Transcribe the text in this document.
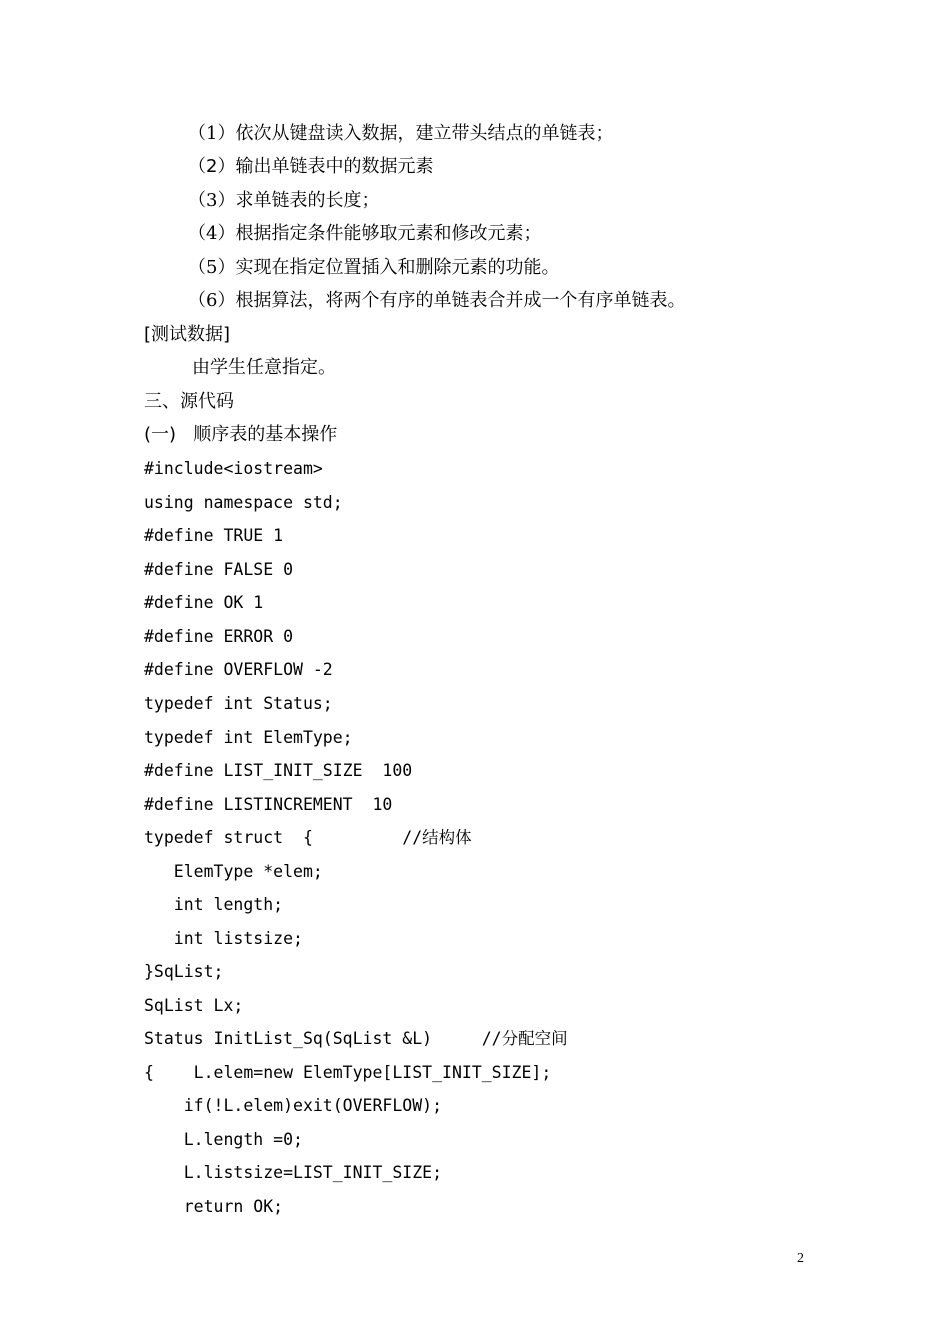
（1）依次从键盘读入数据，建立带头结点的单链表；
（2）输出单链表中的数据元素
（3）求单链表的长度；
（4）根据指定条件能够取元素和修改元素；
（5）实现在指定位置插入和删除元素的功能。
（6）根据算法，将两个有序的单链表合并成一个有序单链表。
[测试数据]
由学生任意指定。
三、源代码
(一)   顺序表的基本操作
#include<iostream>
using namespace std;
#define TRUE 1
#define FALSE 0
#define OK 1
#define ERROR 0
#define OVERFLOW -2
typedef int Status;
typedef int ElemType;
#define LIST_INIT_SIZE  100
#define LISTINCREMENT  10
typedef struct  {         //结构体
ElemType *elem;
int length;
int listsize;
}SqList;
SqList Lx;
Status InitList_Sq(SqList &L)     //分配空间
{    L.elem=new ElemType[LIST_INIT_SIZE];
if(!L.elem)exit(OVERFLOW);
L.length =0;
L.listsize=LIST_INIT_SIZE;
return OK;
2
